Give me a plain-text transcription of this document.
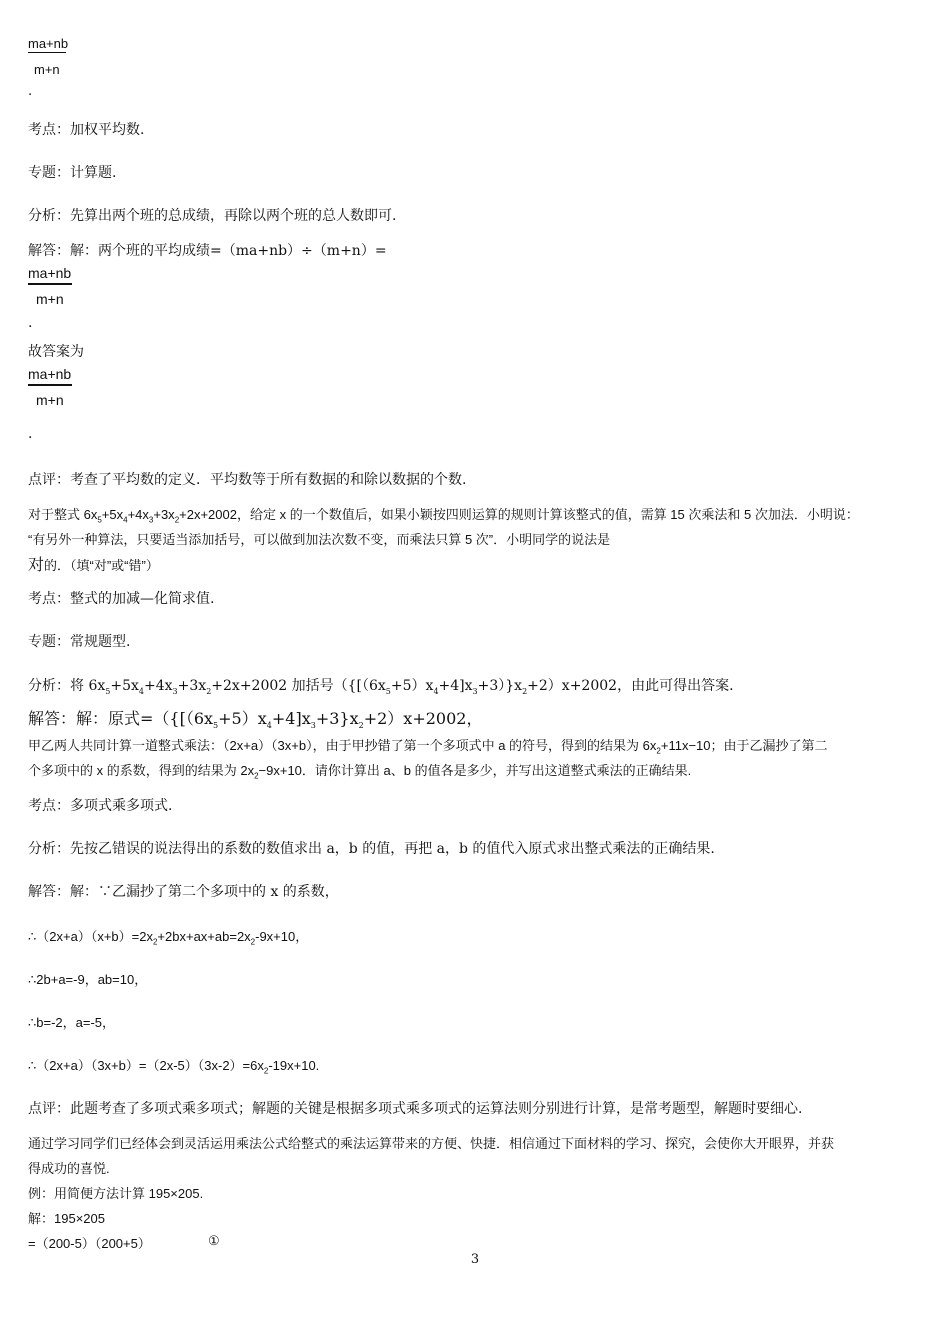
ma+nb
m+n
.
考点：加权平均数.
专题：计算题.
分析：先算出两个班的总成绩，再除以两个班的总人数即可.
解答：解：两个班的平均成绩=（ma+nb）÷（m+n）=
ma+nb
m+n
.
故答案为
ma+nb
m+n
.
点评：考查了平均数的定义．平均数等于所有数据的和除以数据的个数.
对于整式 $6x_5+5x_4+4x_3+3x_2+2x+2002$，给定 x 的一个数值后，如果小颖按四则运算的规则计算该整式的值，需算 15 次乘法和 5 次加法．小明说：
“有另外一种算法，只要适当添加括号，可以做到加法次数不变，而乘法只算 5 次”．小明同学的说法是
对的．（填“对”或“错”）
考点：整式的加减—化简求值.
专题：常规题型.
分析：将 $6x_5+5x_4+4x_3+3x_2+2x+2002$ 加括号$(\{[(6x_5+5)x_4+4]x_3+3)\}x_2+2)x+2002$，由此可得出答案.
解答：解：原式$=(\{[(6x_5+5)x_4+4]x_3+3\}x_2+2)x+2002$，
甲乙两人共同计算一道整式乘法：（2x+a）（3x+b），由于甲抄错了第一个多项式中 a 的符号，得到的结果为 $6x_2+11x-10$；由于乙漏抄了第二
个多项中的 x 的系数，得到的结果为 $2x_2-9x+10$．请你计算出 a、b 的值各是多少，并写出这道整式乘法的正确结果.
考点：多项式乘多项式.
分析：先按乙错误的说法得出的系数的数值求出 a，b 的值，再把 a，b 的值代入原式求出整式乘法的正确结果.
解答：解：∵乙漏抄了第二个多项中的 x 的系数，
$\therefore(2x+a)(x+b)=2x_2+2bx+ax+ab=2x_2-9x+10$，
∴2b+a=-9，ab=10，
∴b=-2，a=-5，
$\therefore(2x+a)(3x+b)=(2x-5)(3x-2)=6x_2-19x+10$.
点评：此题考查了多项式乘多项式；解题的关键是根据多项式乘多项式的运算法则分别进行计算，是常考题型，解题时要细心.
通过学习同学们已经体会到灵活运用乘法公式给整式的乘法运算带来的方便、快捷．相信通过下面材料的学习、探究，会使你大开眼界，并获
得成功的喜悦.
例：用简便方法计算 195×205.
解：195×205
=（200-5）（200+5）	①
3
